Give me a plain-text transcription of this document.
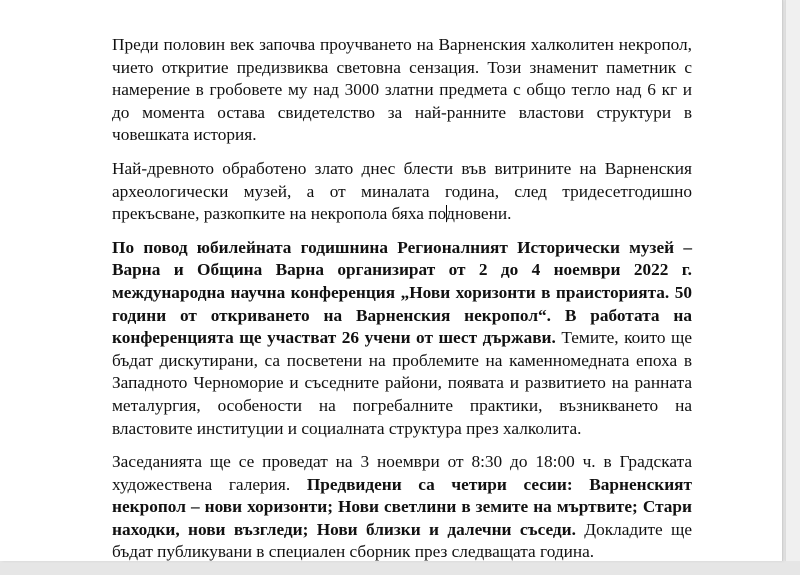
Преди половин век започва проучването на Варненския халколитен некропол, чието откритие предизвиква световна сензация. Този знаменит паметник с намерение в гробовете му над 3000 златни предмета с общо тегло над 6 кг и до момента остава свидетелство за най-ранните властови структури в човешката история.

Най-древното обработено злато днес блести във витрините на Варненския археологически музей, а от миналата година, след тридесетгодишно прекъсване, разкопките на некропола бяха подновени.

По повод юбилейната годишнина Регионалният Исторически музей – Варна и Община Варна организират от 2 до 4 ноември 2022 г. международна научна конференция „Нови хоризонти в праисторията. 50 години от откриването на Варненския некропол“. В работата на конференцията ще участват 26 учени от шест държави. Темите, които ще бъдат дискутирани, са посветени на проблемите на каменномедната епоха в Западното Черноморие и съседните райони, появата и развитието на ранната металургия, особености на погребалните практики, възникването на властовите институции и социалната структура през халколита.

Заседанията ще се проведат на 3 ноември от 8:30 до 18:00 ч. в Градската художествена галерия. Предвидени са четири сесии: Варненският некропол – нови хоризонти; Нови светлини в земите на мъртвите; Стари находки, нови възгледи; Нови близки и далечни съседи. Докладите ще бъдат публикувани в специален сборник през следващата година.
